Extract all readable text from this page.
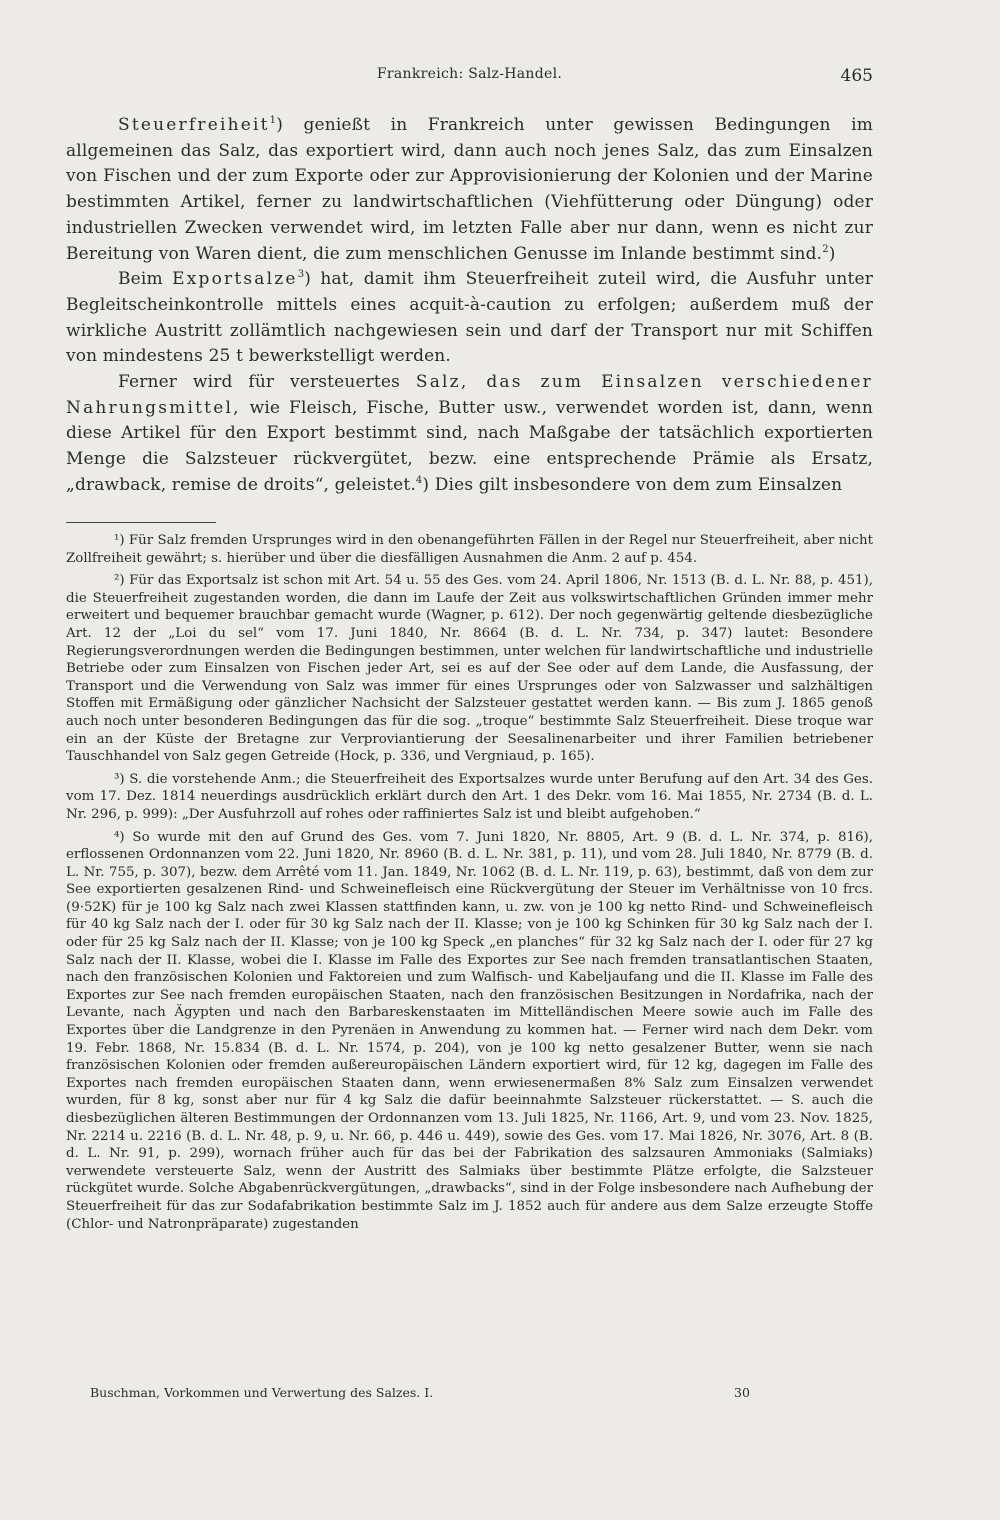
Frankreich: Salz-Handel.	465

Steuerfreiheit$^1$) genießt in Frankreich unter gewissen Bedingungen im allgemeinen das Salz, das exportiert wird, dann auch noch jenes Salz, das zum Einsalzen von Fischen und der zum Exporte oder zur Approvisionierung der Kolonien und der Marine bestimmten Artikel, ferner zu landwirtschaftlichen (Viehfütterung oder Düngung) oder industriellen Zwecken verwendet wird, im letzten Falle aber nur dann, wenn es nicht zur Bereitung von Waren dient, die zum menschlichen Genusse im Inlande bestimmt sind.$^2$)

Beim Exportsalze$^3$) hat, damit ihm Steuerfreiheit zuteil wird, die Ausfuhr unter Begleitscheinkontrolle mittels eines acquit-à-caution zu erfolgen; außerdem muß der wirkliche Austritt zollämtlich nachgewiesen sein und darf der Transport nur mit Schiffen von mindestens 25 t bewerkstelligt werden.

Ferner wird für versteuertes Salz, das zum Einsalzen verschiedener Nahrungsmittel, wie Fleisch, Fische, Butter usw., verwendet worden ist, dann, wenn diese Artikel für den Export bestimmt sind, nach Maßgabe der tatsächlich exportierten Menge die Salzsteuer rückvergütet, bezw. eine entsprechende Prämie als Ersatz, „drawback, remise de droits“, geleistet.$^4$) Dies gilt insbesondere von dem zum Einsalzen

¹) Für Salz fremden Ursprunges wird in den obenangeführten Fällen in der Regel nur Steuerfreiheit, aber nicht Zollfreiheit gewährt; s. hierüber und über die diesfälligen Ausnahmen die Anm. 2 auf p. 454.

²) Für das Exportsalz ist schon mit Art. 54 u. 55 des Ges. vom 24. April 1806, Nr. 1513 (B. d. L. Nr. 88, p. 451), die Steuerfreiheit zugestanden worden, die dann im Laufe der Zeit aus volkswirtschaftlichen Gründen immer mehr erweitert und bequemer brauchbar gemacht wurde (Wagner, p. 612). Der noch gegenwärtig geltende diesbezügliche Art. 12 der „Loi du sel“ vom 17. Juni 1840, Nr. 8664 (B. d. L. Nr. 734, p. 347) lautet: Besondere Regierungsverordnungen werden die Bedingungen bestimmen, unter welchen für landwirtschaftliche und industrielle Betriebe oder zum Einsalzen von Fischen jeder Art, sei es auf der See oder auf dem Lande, die Ausfassung, der Transport und die Verwendung von Salz was immer für eines Ursprunges oder von Salzwasser und salzhältigen Stoffen mit Ermäßigung oder gänzlicher Nachsicht der Salzsteuer gestattet werden kann. — Bis zum J. 1865 genoß auch noch unter besonderen Bedingungen das für die sog. „troque“ bestimmte Salz Steuerfreiheit. Diese troque war ein an der Küste der Bretagne zur Verproviantierung der Seesalinenarbeiter und ihrer Familien betriebener Tauschhandel von Salz gegen Getreide (Hock, p. 336, und Vergniaud, p. 165).

³) S. die vorstehende Anm.; die Steuerfreiheit des Exportsalzes wurde unter Berufung auf den Art. 34 des Ges. vom 17. Dez. 1814 neuerdings ausdrücklich erklärt durch den Art. 1 des Dekr. vom 16. Mai 1855, Nr. 2734 (B. d. L. Nr. 296, p. 999): „Der Ausfuhrzoll auf rohes oder raffiniertes Salz ist und bleibt aufgehoben.“

⁴) So wurde mit den auf Grund des Ges. vom 7. Juni 1820, Nr. 8805, Art. 9 (B. d. L. Nr. 374, p. 816), erflossenen Ordonnanzen vom 22. Juni 1820, Nr. 8960 (B. d. L. Nr. 381, p. 11), und vom 28. Juli 1840, Nr. 8779 (B. d. L. Nr. 755, p. 307), bezw. dem Arrêté vom 11. Jan. 1849, Nr. 1062 (B. d. L. Nr. 119, p. 63), bestimmt, daß von dem zur See exportierten gesalzenen Rind- und Schweinefleisch eine Rückvergütung der Steuer im Verhältnisse von 10 frcs. (9·52K) für je 100 kg Salz nach zwei Klassen stattfinden kann, u. zw. von je 100 kg netto Rind- und Schweinefleisch für 40 kg Salz nach der I. oder für 30 kg Salz nach der II. Klasse; von je 100 kg Schinken für 30 kg Salz nach der I. oder für 25 kg Salz nach der II. Klasse; von je 100 kg Speck „en planches“ für 32 kg Salz nach der I. oder für 27 kg Salz nach der II. Klasse, wobei die I. Klasse im Falle des Exportes zur See nach fremden transatlantischen Staaten, nach den französischen Kolonien und Faktoreien und zum Walfisch- und Kabeljaufang und die II. Klasse im Falle des Exportes zur See nach fremden europäischen Staaten, nach den französischen Besitzungen in Nordafrika, nach der Levante, nach Ägypten und nach den Barbareskenstaaten im Mittelländischen Meere sowie auch im Falle des Exportes über die Landgrenze in den Pyrenäen in Anwendung zu kommen hat. — Ferner wird nach dem Dekr. vom 19. Febr. 1868, Nr. 15.834 (B. d. L. Nr. 1574, p. 204), von je 100 kg netto gesalzener Butter, wenn sie nach französischen Kolonien oder fremden außereuropäischen Ländern exportiert wird, für 12 kg, dagegen im Falle des Exportes nach fremden europäischen Staaten dann, wenn erwiesenermaßen 8% Salz zum Einsalzen verwendet wurden, für 8 kg, sonst aber nur für 4 kg Salz die dafür beeinnahmte Salzsteuer rückerstattet. — S. auch die diesbezüglichen älteren Bestimmungen der Ordonnanzen vom 13. Juli 1825, Nr. 1166, Art. 9, und vom 23. Nov. 1825, Nr. 2214 u. 2216 (B. d. L. Nr. 48, p. 9, u. Nr. 66, p. 446 u. 449), sowie des Ges. vom 17. Mai 1826, Nr. 3076, Art. 8 (B. d. L. Nr. 91, p. 299), wornach früher auch für das bei der Fabrikation des salzsauren Ammoniaks (Salmiaks) verwendete versteuerte Salz, wenn der Austritt des Salmiaks über bestimmte Plätze erfolgte, die Salzsteuer rückgütet wurde. Solche Abgabenrückvergütungen, „drawbacks“, sind in der Folge insbesondere nach Aufhebung der Steuerfreiheit für das zur Sodafabrikation bestimmte Salz im J. 1852 auch für andere aus dem Salze erzeugte Stoffe (Chlor- und Natronpräparate) zugestanden

Buschman, Vorkommen und Verwertung des Salzes. I.	30
